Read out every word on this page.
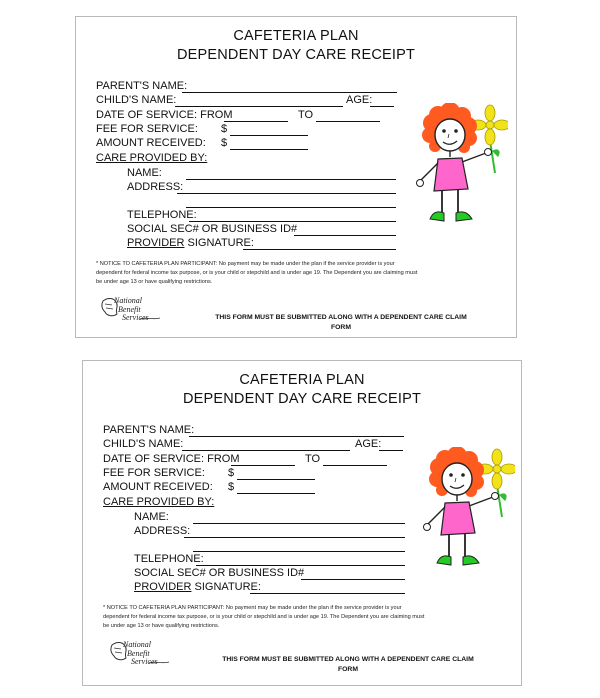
CAFETERIA PLAN
DEPENDENT DAY CARE RECEIPT
PARENT'S NAME:
CHILD'S NAME:	AGE:
DATE OF SERVICE: FROM	TO
FEE FOR SERVICE: $
AMOUNT RECEIVED: $
CARE PROVIDED BY:
NAME:
ADDRESS:
TELEPHONE:
SOCIAL SEC# OR BUSINESS ID#
PROVIDER SIGNATURE:
* NOTICE TO CAFETERIA PLAN PARTICIPANT: No payment may be made under the plan if the service provider is your
dependent for federal income tax purpose, or is your child or stepchild and is under age 19. The Dependent you are claiming must
be under age 13 or have qualifying restrictions.
National
Benefit
Services	THIS FORM MUST BE SUBMITTED ALONG WITH A DEPENDENT CARE CLAIM
FORM
CAFETERIA PLAN
DEPENDENT DAY CARE RECEIPT
PARENT'S NAME:
CHILD'S NAME:	AGE:
DATE OF SERVICE: FROM	TO
FEE FOR SERVICE: $
AMOUNT RECEIVED: $
CARE PROVIDED BY:
NAME:
ADDRESS:
TELEPHONE:
SOCIAL SEC# OR BUSINESS ID#
PROVIDER SIGNATURE:
* NOTICE TO CAFETERIA PLAN PARTICIPANT: No payment may be made under the plan if the service provider is your
dependent for federal income tax purpose, or is your child or stepchild and is under age 19. The Dependent you are claiming must
be under age 13 or have qualifying restrictions.
National
Benefit
Services	THIS FORM MUST BE SUBMITTED ALONG WITH A DEPENDENT CARE CLAIM
FORM
